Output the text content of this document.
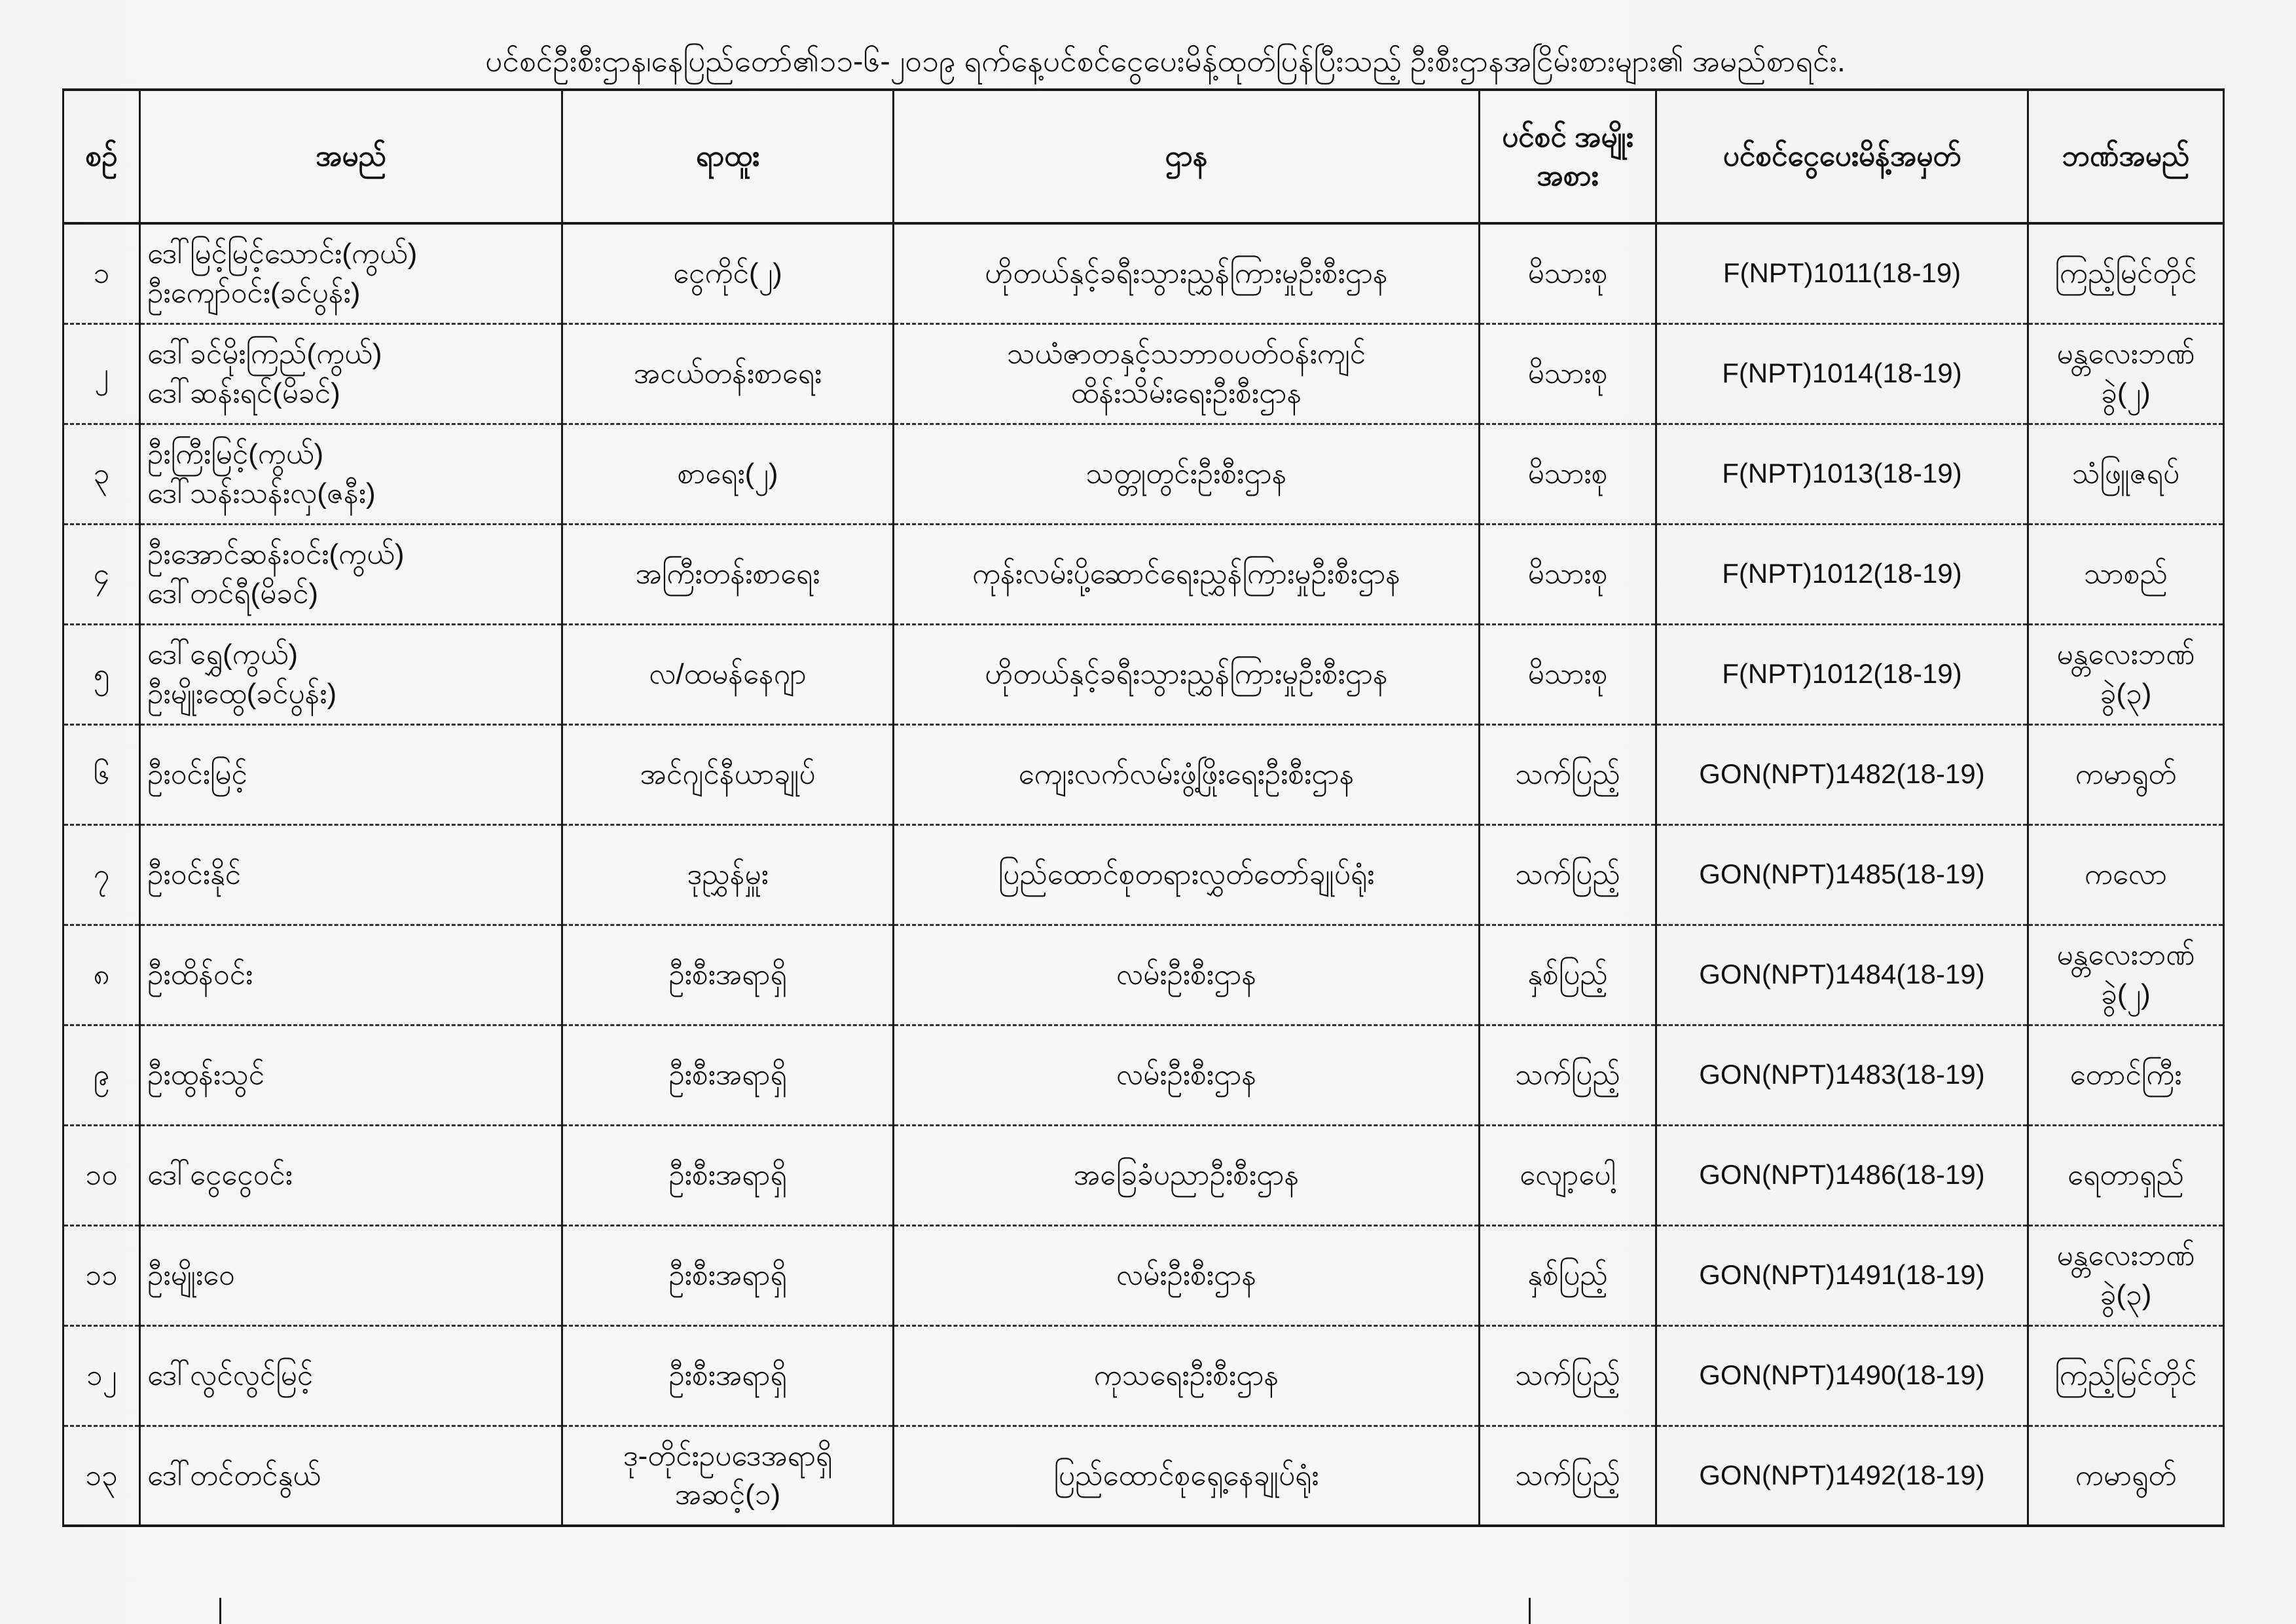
ပင်စင်ဦးစီးဌာန၊နေပြည်တော်၏၁၁-၆-၂၀၁၉ ရက်နေ့ပင်စင်ငွေပေးမိန့်ထုတ်ပြန်ပြီးသည့် ဦးစီးဌာနအငြိမ်းစားများ၏ အမည်စာရင်း.
စဉ်	အမည်	ရာထူး	ဌာန	ပင်စင် အမျိုးအစား	ပင်စင်ငွေပေးမိန့်အမှတ်	ဘဏ်အမည်
၁	ဒေါ်မြင့်မြင့်သောင်း(ကွယ်)
ဦးကျော်ဝင်း(ခင်ပွန်း)	ငွေကိုင်(၂)	ဟိုတယ်နှင့်ခရီးသွားညွှန်ကြားမှုဦးစီးဌာန	မိသားစု	F(NPT)1011(18-19)	ကြည့်မြင်တိုင်
၂	ဒေါ်ခင်မိုးကြည်(ကွယ်)
ဒေါ်ဆန်းရင်(မိခင်)	အငယ်တန်းစာရေး	သယံဇာတနှင့်သဘာဝပတ်ဝန်းကျင်
ထိန်းသိမ်းရေးဦးစီးဌာန	မိသားစု	F(NPT)1014(18-19)	မန္တလေးဘဏ်ခွဲ(၂)
၃	ဦးကြီးမြင့်(ကွယ်)
ဒေါ်သန်းသန်းလှ(ဇနီး)	စာရေး(၂)	သတ္တုတွင်းဦးစီးဌာန	မိသားစု	F(NPT)1013(18-19)	သံဖြူဇရပ်
၄	ဦးအောင်ဆန်းဝင်း(ကွယ်)
ဒေါ်တင်ရီ(မိခင်)	အကြီးတန်းစာရေး	ကုန်းလမ်းပို့ဆောင်ရေးညွှန်ကြားမှုဦးစီးဌာန	မိသားစု	F(NPT)1012(18-19)	သာစည်
၅	ဒေါ်ရွှေ(ကွယ်)
ဦးမျိုးထွေ(ခင်ပွန်း)	လ/ထမန်နေဂျာ	ဟိုတယ်နှင့်ခရီးသွားညွှန်ကြားမှုဦးစီးဌာန	မိသားစု	F(NPT)1012(18-19)	မန္တလေးဘဏ်ခွဲ(၃)
၆	ဦးဝင်းမြင့်	အင်ဂျင်နီယာချုပ်	ကျေးလက်လမ်းဖွံ့ဖြိုးရေးဦးစီးဌာန	သက်ပြည့်	GON(NPT)1482(18-19)	ကမာရွတ်
၇	ဦးဝင်းနိုင်	ဒုညွှန်မှူး	ပြည်ထောင်စုတရားလွှတ်တော်ချုပ်ရုံး	သက်ပြည့်	GON(NPT)1485(18-19)	ကလော
၈	ဦးထိန်ဝင်း	ဦးစီးအရာရှိ	လမ်းဦးစီးဌာန	နှစ်ပြည့်	GON(NPT)1484(18-19)	မန္တလေးဘဏ်ခွဲ(၂)
၉	ဦးထွန်းသွင်	ဦးစီးအရာရှိ	လမ်းဦးစီးဌာန	သက်ပြည့်	GON(NPT)1483(18-19)	တောင်ကြီး
၁၀	ဒေါ်ငွေငွေဝင်း	ဦးစီးအရာရှိ	အခြေခံပညာဦးစီးဌာန	လျော့ပေါ့	GON(NPT)1486(18-19)	ရေတာရှည်
၁၁	ဦးမျိုးဝေ	ဦးစီးအရာရှိ	လမ်းဦးစီးဌာန	နှစ်ပြည့်	GON(NPT)1491(18-19)	မန္တလေးဘဏ်ခွဲ(၃)
၁၂	ဒေါ်လွင်လွင်မြင့်	ဦးစီးအရာရှိ	ကုသရေးဦးစီးဌာန	သက်ပြည့်	GON(NPT)1490(18-19)	ကြည့်မြင်တိုင်
၁၃	ဒေါ်တင်တင်နွယ်	ဒု-တိုင်းဥပဒေအရာရှိ
အဆင့်(၁)	ပြည်ထောင်စုရှေ့နေချုပ်ရုံး	သက်ပြည့်	GON(NPT)1492(18-19)	ကမာရွတ်
